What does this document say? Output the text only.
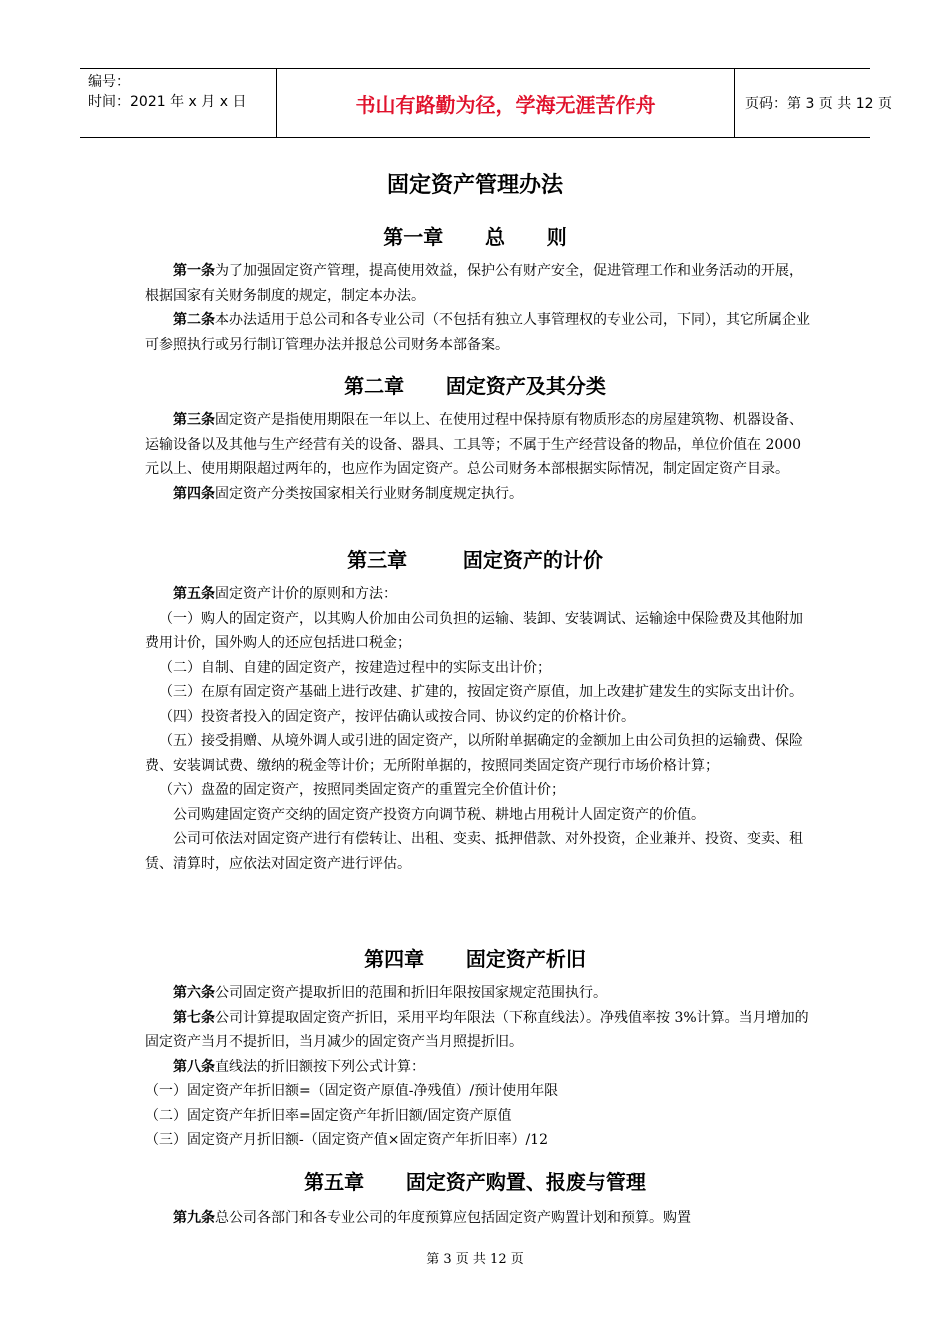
编号：
时间：2021 年 x 月 x 日	书山有路勤为径，学海无涯苦作舟	页码：第 3 页 共 12 页
固定资产管理办法
第一章      总      则

第一条为了加强固定资产管理，提高使用效益，保护公有财产安全，促进管理工作和业务活动的开展，根据国家有关财务制度的规定，制定本办法。

第二条本办法适用于总公司和各专业公司（不包括有独立人事管理权的专业公司，下同），其它所属企业可参照执行或另行制订管理办法并报总公司财务本部备案。

第二章      固定资产及其分类

第三条固定资产是指使用期限在一年以上、在使用过程中保持原有物质形态的房屋建筑物、机器设备、运输设备以及其他与生产经营有关的设备、器具、工具等；不属于生产经营设备的物品，单位价值在 2000 元以上、使用期限超过两年的，也应作为固定资产。总公司财务本部根据实际情况，制定固定资产目录。

第四条固定资产分类按国家相关行业财务制度规定执行。

第三章        固定资产的计价

第五条固定资产计价的原则和方法：

（一）购人的固定资产，以其购人价加由公司负担的运输、装卸、安装调试、运输途中保险费及其他附加费用计价，国外购人的还应包括进口税金；

（二）自制、自建的固定资产，按建造过程中的实际支出计价；

（三）在原有固定资产基础上进行改建、扩建的，按固定资产原值，加上改建扩建发生的实际支出计价。

（四）投资者投入的固定资产，按评估确认或按合同、协议约定的价格计价。

（五）接受捐赠、从境外调人或引进的固定资产，以所附单据确定的金额加上由公司负担的运输费、保险费、安装调试费、缴纳的税金等计价；无所附单据的，按照同类固定资产现行市场价格计算；

（六）盘盈的固定资产，按照同类固定资产的重置完全价值计价；

公司购建固定资产交纳的固定资产投资方向调节税、耕地占用税计人固定资产的价值。

公司可依法对固定资产进行有偿转让、出租、变卖、抵押借款、对外投资，企业兼并、投资、变卖、租赁、清算时，应依法对固定资产进行评估。

第四章      固定资产析旧

第六条公司固定资产提取折旧的范围和折旧年限按国家规定范围执行。

第七条公司计算提取固定资产折旧，采用平均年限法（下称直线法）。净残值率按 3%计算。当月增加的固定资产当月不提折旧，当月减少的固定资产当月照提折旧。

第八条直线法的折旧额按下列公式计算：

（一）固定资产年折旧额=（固定资产原值-净残值）/预计使用年限

（二）固定资产年折旧率=固定资产年折旧额/固定资产原值

（三）固定资产月折旧额-（固定资产值×固定资产年折旧率）/12

第五章      固定资产购置、报废与管理

第九条总公司各部门和各专业公司的年度预算应包括固定资产购置计划和预算。购置

第 3 页 共 12 页
